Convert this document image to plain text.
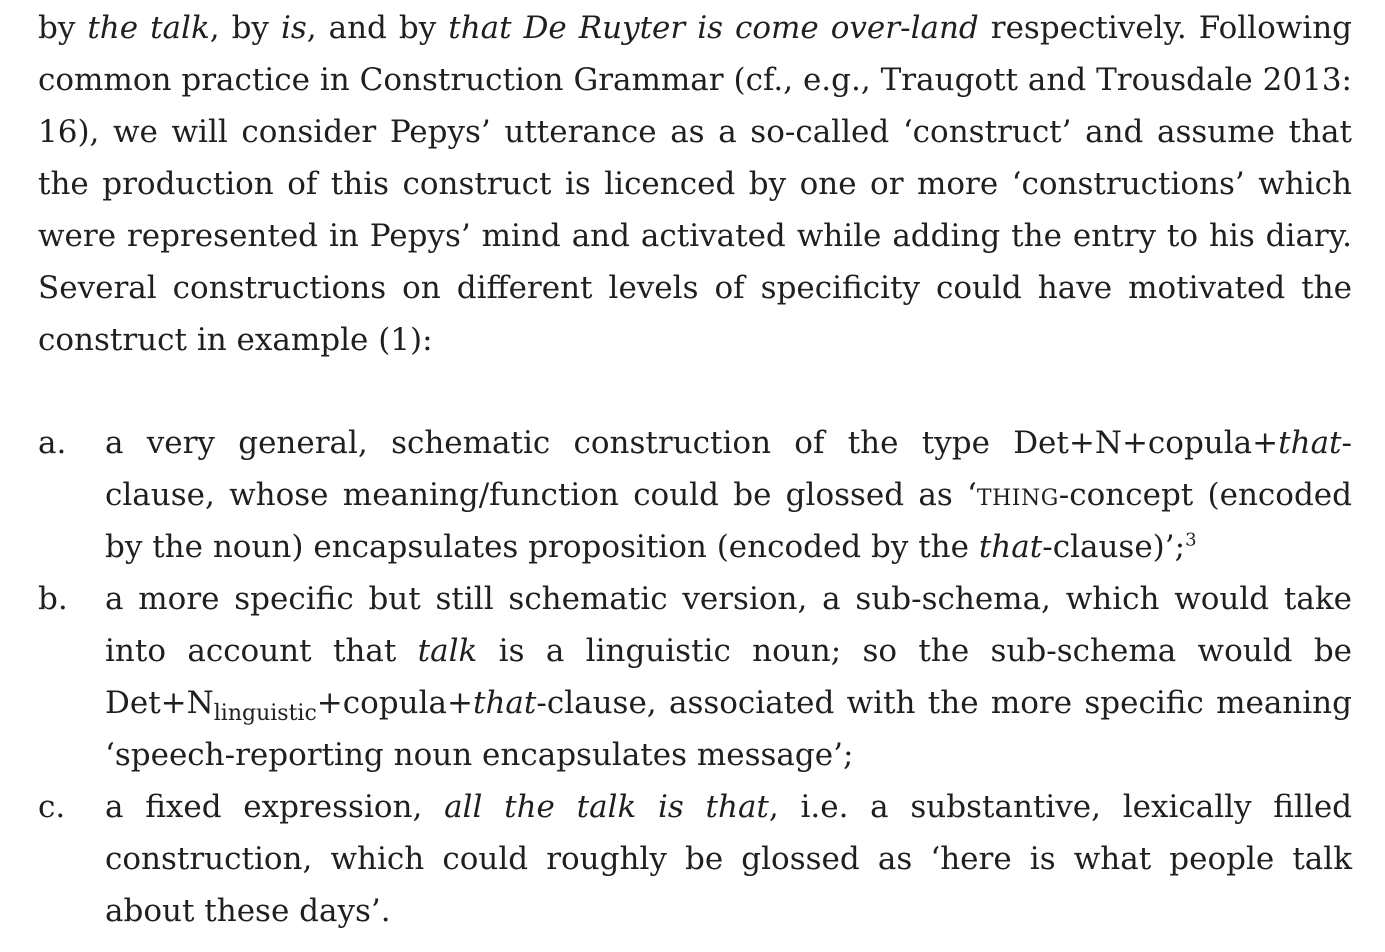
by the talk, by is, and by that De Ruyter is come over-land respectively. Following common practice in Construction Grammar (cf., e.g., Traugott and Trousdale 2013: 16), we will consider Pepys’ utterance as a so-called ‘construct’ and assume that the production of this construct is licenced by one or more ‘constructions’ which were represented in Pepys’ mind and activated while adding the entry to his diary. Several constructions on different levels of specificity could have motivated the construct in example (1):

a.	a very general, schematic construction of the type Det+N+copula+that-clause, whose meaning/function could be glossed as ‘thing-concept (encoded by the noun) encapsulates proposition (encoded by the that-clause)’;$^3$
b.	a more specific but still schematic version, a sub-schema, which would take into account that talk is a linguistic noun; so the sub-schema would be $Det+N_{linguistic}+copula+that$-clause, associated with the more specific meaning ‘speech-reporting noun encapsulates message’;
c.	a fixed expression, all the talk is that, i.e. a substantive, lexically filled construction, which could roughly be glossed as ‘here is what people talk about these days’.
